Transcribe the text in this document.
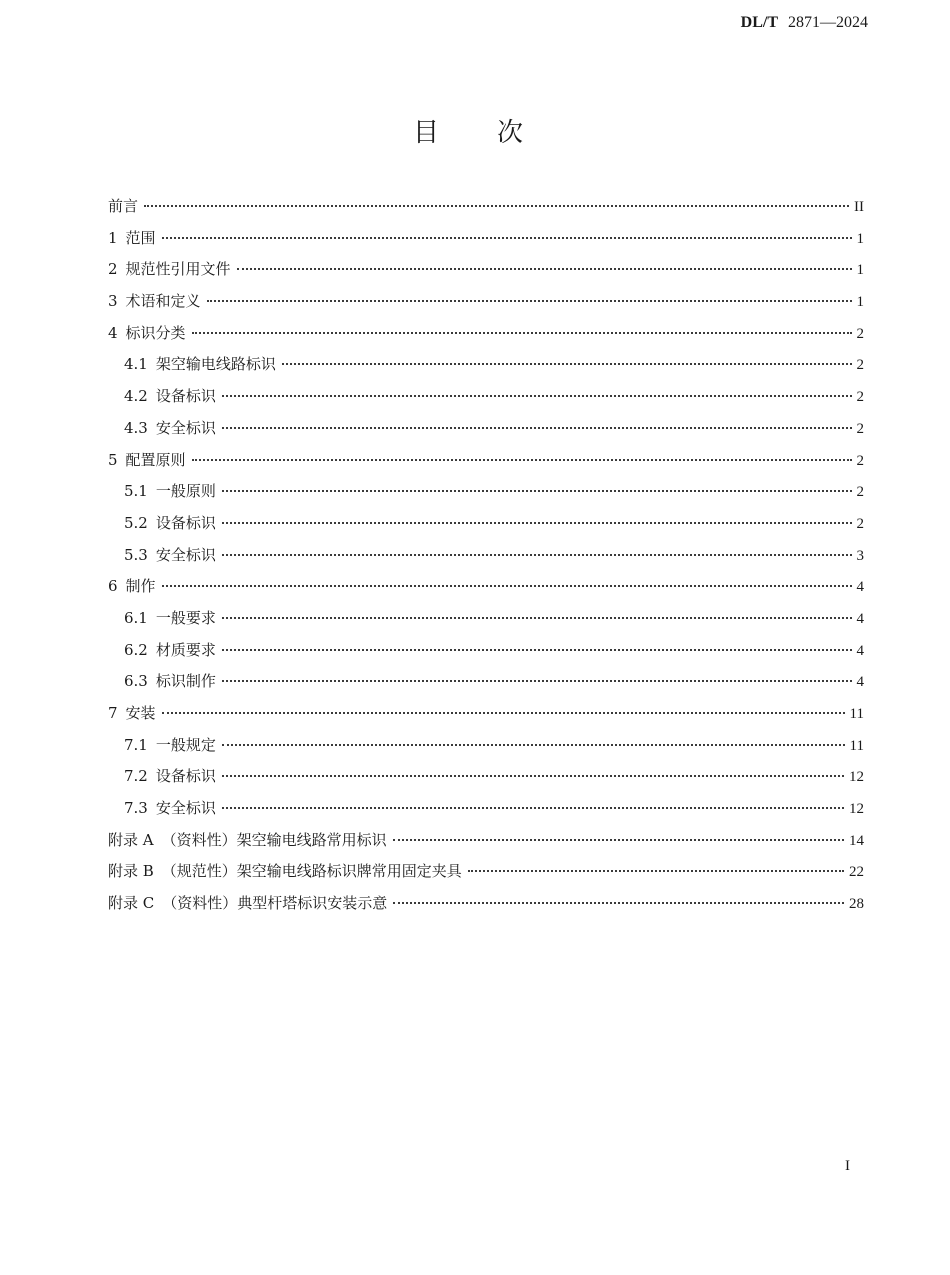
DL/T 2871—2024
目次
前言	II
1 范围	1
2 规范性引用文件	1
3 术语和定义	1
4 标识分类	2
4.1 架空输电线路标识	2
4.2 设备标识	2
4.3 安全标识	2
5 配置原则	2
5.1 一般原则	2
5.2 设备标识	2
5.3 安全标识	3
6 制作	4
6.1 一般要求	4
6.2 材质要求	4
6.3 标识制作	4
7 安装	11
7.1 一般规定	11
7.2 设备标识	12
7.3 安全标识	12
附录 A （资料性）架空输电线路常用标识	14
附录 B （规范性）架空输电线路标识牌常用固定夹具	22
附录 C （资料性）典型杆塔标识安装示意	28
I
